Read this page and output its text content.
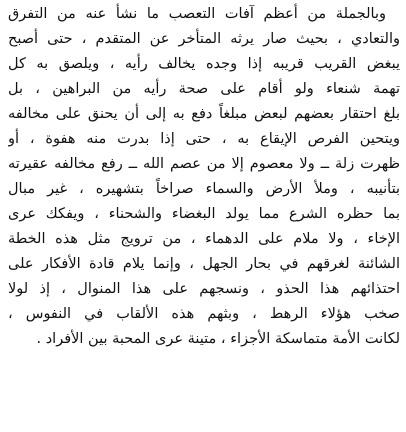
وبالجملة من أعظم آفات التعصب ما نشأ عنه من التفرق
والتعادي ، بحيث صار يرثه المتأخر عن المتقدم ، حتى أصبح
يبغض القريب قريبه إذا وجده يخالف رأيه ، ويلصق به كل
تهمة شنعاء ولو أقام على صحة رأيه من البراهين ، بل
بلغ احتقار بعضهم لبعض مبلغاً دفع به إلى أن يحنق على مخالفه
ويتحين الفرص الإيقاع به ، حتى إذا بدرت منه هفوة ، أو
ظهرت زلة ــ ولا معصوم إلا من عصم الله ــ رفع مخالفه عقيرته
بتأنيبه ، وملأ الأرض والسماء صراخاً بتشهيره ، غير مبال
بما حظره الشرع مما يولد البغضاء والشحناء ، ويفكك عرى
الإخاء ، ولا ملام على الدهماء ، من ترويج مثل هذه الخطة
الشائنة لغرقهم في بحار الجهل ، وإنما يلام قادة الأفكار على
احتذائهم هذا الحذو ، ونسجهم على هذا المنوال ، إذ لولا
صخب هؤلاء الرهط ، وبثهم هذه الألقاب في النفوس ،
لكانت الأمة متماسكة الأجزاء ، متينة عرى المحبة بين الأفراد .
